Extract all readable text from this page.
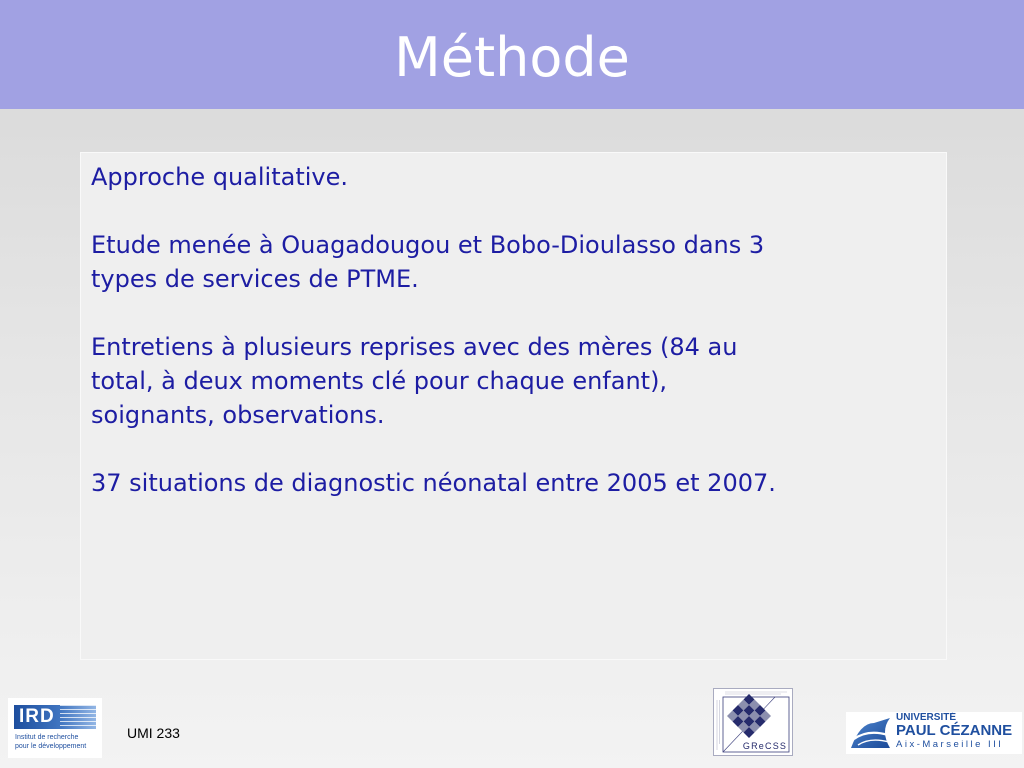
Méthode

Approche qualitative.

Etude menée à Ouagadougou et Bobo-Dioulasso dans 3
types de services de PTME.

Entretiens à plusieurs reprises avec des mères (84 au
total, à deux moments clé pour chaque enfant),
soignants, observations.

37 situations de diagnostic néonatal entre 2005 et 2007.

IRD
Institut de recherche
pour le développement
UMI 233
GReCSS
UNIVERSITÉ
PAUL CÉZANNE
Aix-Marseille III
